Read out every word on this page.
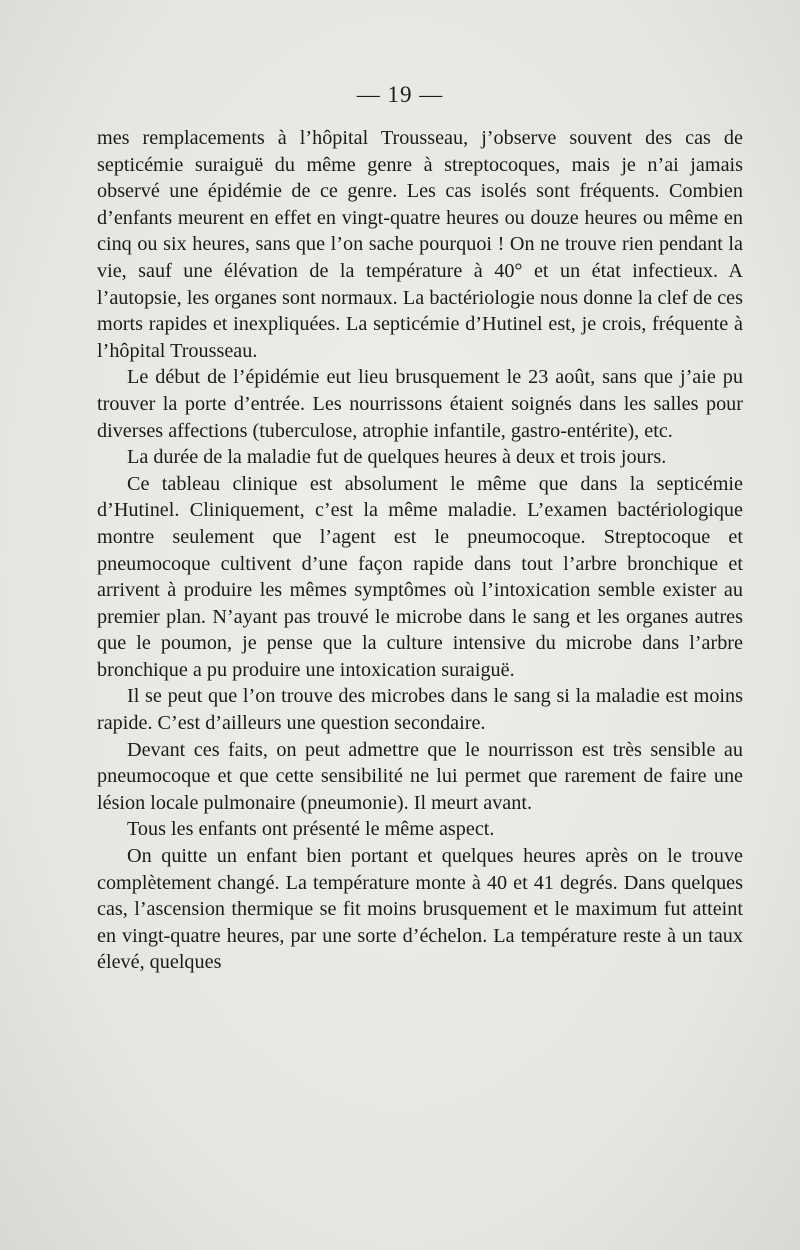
— 19 —

mes remplacements à l’hôpital Trousseau, j’observe souvent des cas de septicémie suraiguë du même genre à streptocoques, mais je n’ai jamais observé une épidémie de ce genre. Les cas isolés sont fréquents. Combien d’enfants meurent en effet en vingt-quatre heures ou douze heures ou même en cinq ou six heures, sans que l’on sache pourquoi ! On ne trouve rien pendant la vie, sauf une élévation de la température à 40° et un état infectieux. A l’autopsie, les organes sont normaux. La bactériologie nous donne la clef de ces morts rapides et inexpliquées. La septicémie d’Hutinel est, je crois, fréquente à l’hôpital Trousseau.

Le début de l’épidémie eut lieu brusquement le 23 août, sans que j’aie pu trouver la porte d’entrée. Les nourrissons étaient soignés dans les salles pour diverses affections (tuberculose, atrophie infantile, gastro-entérite), etc.

La durée de la maladie fut de quelques heures à deux et trois jours.

Ce tableau clinique est absolument le même que dans la septicémie d’Hutinel. Cliniquement, c’est la même maladie. L’examen bactériologique montre seulement que l’agent est le pneumocoque. Streptocoque et pneumocoque cultivent d’une façon rapide dans tout l’arbre bronchique et arrivent à produire les mêmes symptômes où l’intoxication semble exister au premier plan. N’ayant pas trouvé le microbe dans le sang et les organes autres que le poumon, je pense que la culture intensive du microbe dans l’arbre bronchique a pu produire une intoxication suraiguë.

Il se peut que l’on trouve des microbes dans le sang si la maladie est moins rapide. C’est d’ailleurs une question secondaire.

Devant ces faits, on peut admettre que le nourrisson est très sensible au pneumocoque et que cette sensibilité ne lui permet que rarement de faire une lésion locale pulmonaire (pneumonie). Il meurt avant.

Tous les enfants ont présenté le même aspect.

On quitte un enfant bien portant et quelques heures après on le trouve complètement changé. La température monte à 40 et 41 degrés. Dans quelques cas, l’ascension thermique se fit moins brusquement et le maximum fut atteint en vingt-quatre heures, par une sorte d’échelon. La température reste à un taux élevé, quelques
